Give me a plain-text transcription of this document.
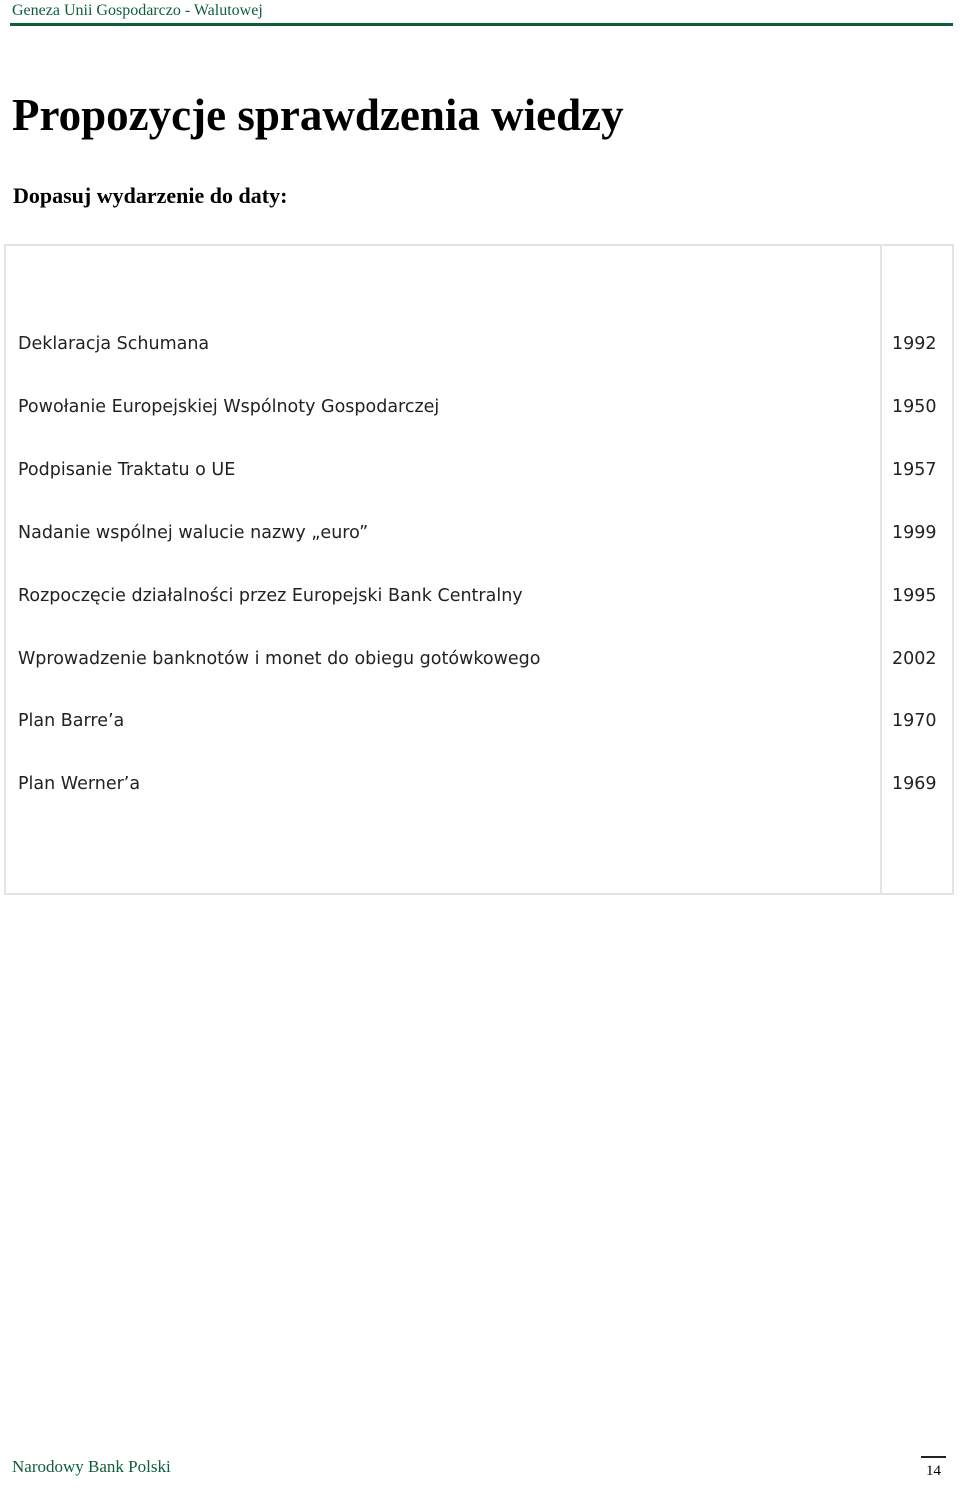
Geneza Unii Gospodarczo - Walutowej
Propozycje sprawdzenia wiedzy
Dopasuj wydarzenie do daty:
Deklaracja Schumana	1992
Powołanie Europejskiej Wspólnoty Gospodarczej	1950
Podpisanie Traktatu o UE	1957
Nadanie wspólnej walucie nazwy „euro”	1999
Rozpoczęcie działalności przez Europejski Bank Centralny	1995
Wprowadzenie banknotów i monet do obiegu gotówkowego	2002
Plan Barre’a	1970
Plan Werner’a	1969
Narodowy Bank Polski	14
